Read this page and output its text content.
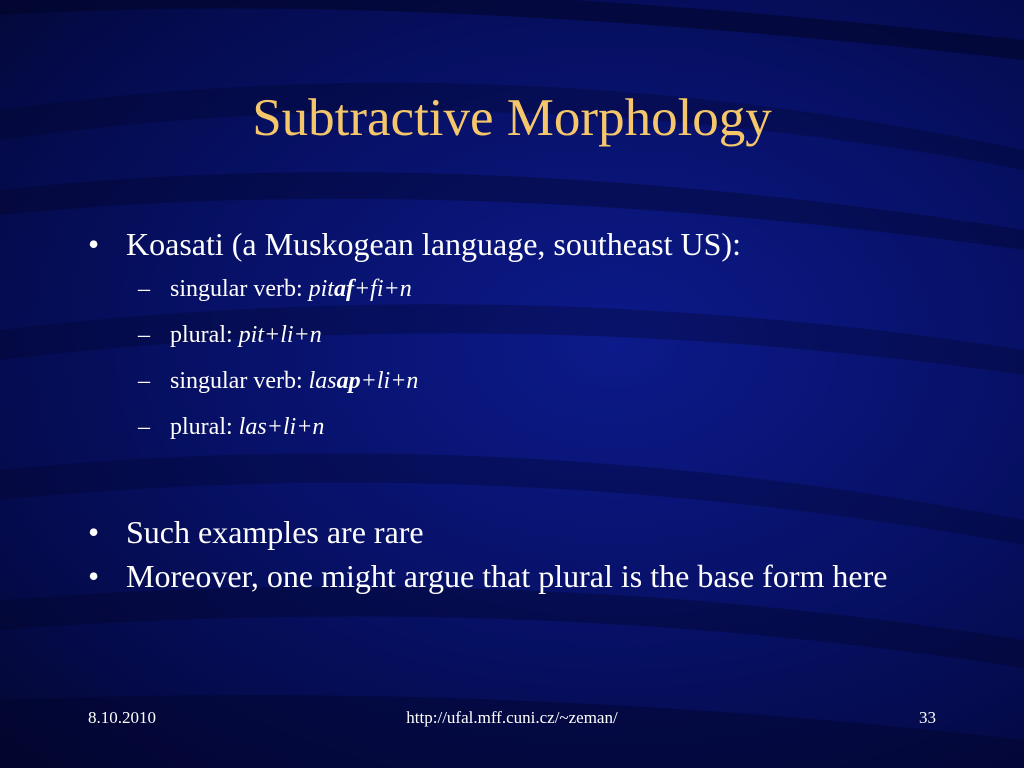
Subtractive Morphology
• Koasati (a Muskogean language, southeast US):
– singular verb: pitaf+fi+n
– plural: pit+li+n
– singular verb: lasap+li+n
– plural: las+li+n
• Such examples are rare
• Moreover, one might argue that plural is the base form here
8.10.2010	http://ufal.mff.cuni.cz/~zeman/	33
